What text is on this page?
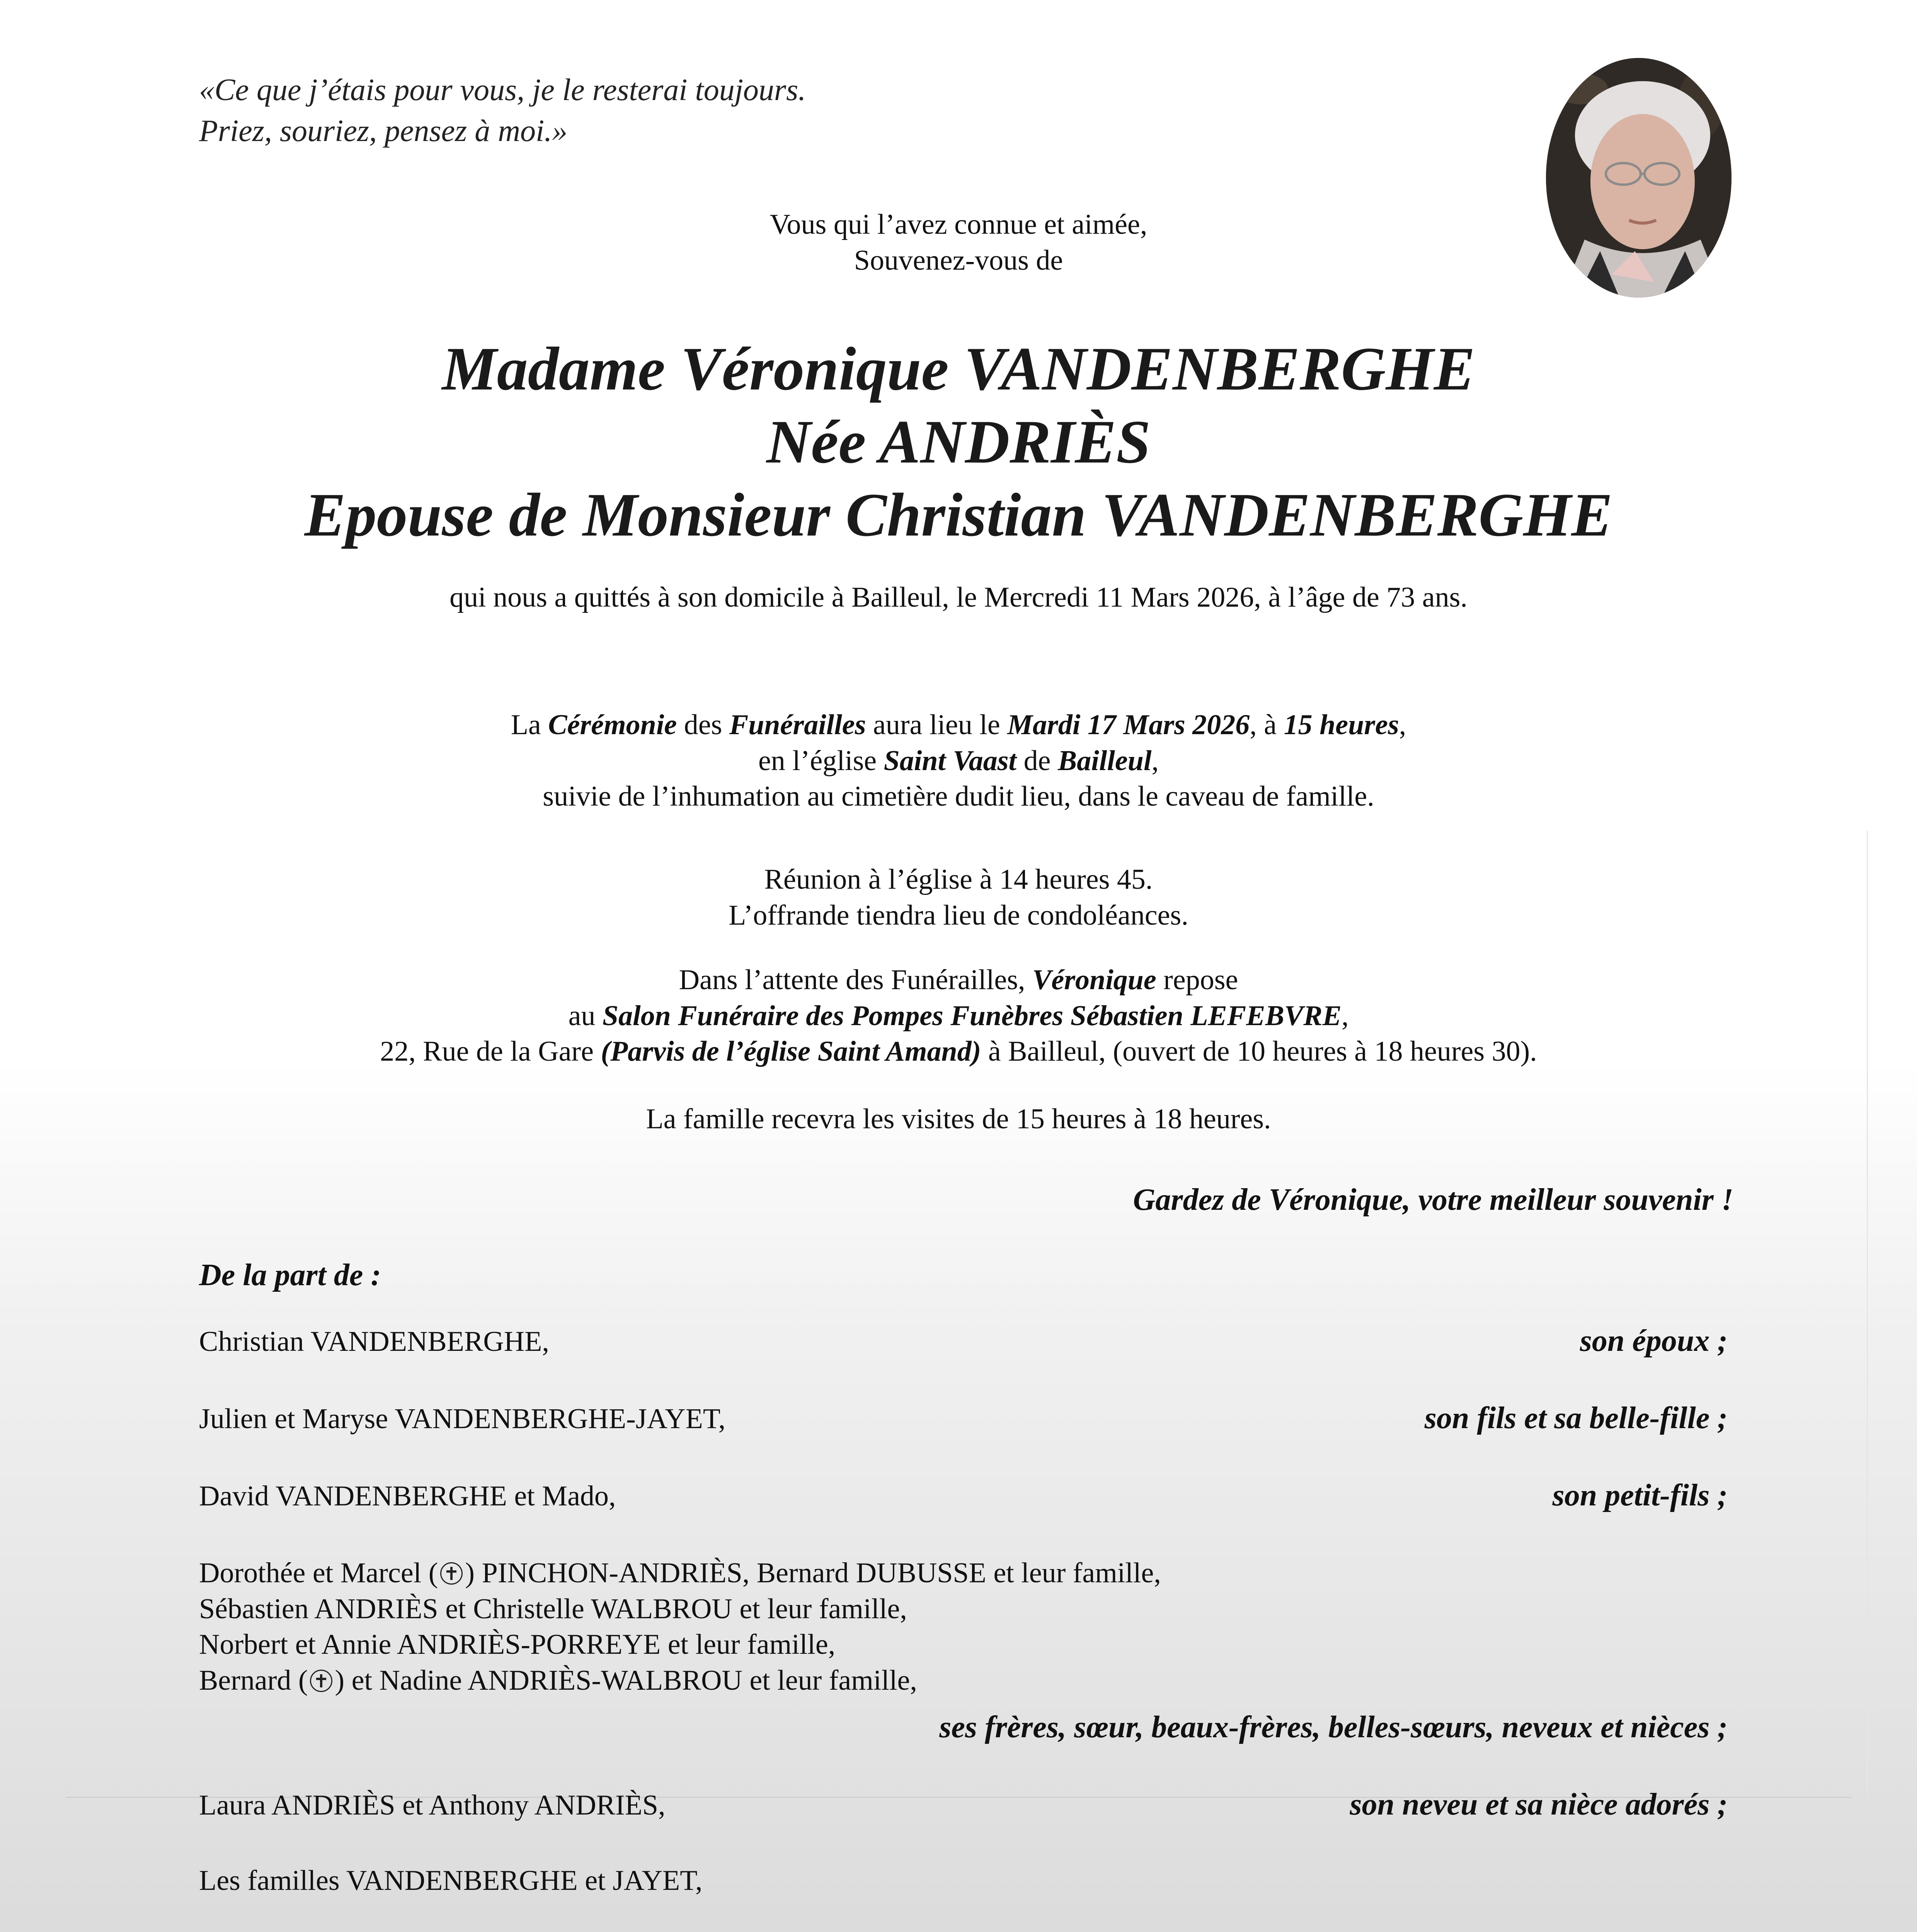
«Ce que j’étais pour vous, je le resterai toujours.
Priez, souriez, pensez à moi.»
Vous qui l’avez connue et aimée,
Souvenez-vous de
Madame Véronique VANDENBERGHE
Née ANDRIÈS
Epouse de Monsieur Christian VANDENBERGHE
qui nous a quittés à son domicile à Bailleul, le Mercredi 11 Mars 2026, à l’âge de 73 ans.
La Cérémonie des Funérailles aura lieu le Mardi 17 Mars 2026, à 15 heures,
en l’église Saint Vaast de Bailleul,
suivie de l’inhumation au cimetière dudit lieu, dans le caveau de famille.
Réunion à l’église à 14 heures 45.
L’offrande tiendra lieu de condoléances.
Dans l’attente des Funérailles, Véronique repose
au Salon Funéraire des Pompes Funèbres Sébastien LEFEBVRE,
22, Rue de la Gare (Parvis de l’église Saint Amand) à Bailleul, (ouvert de 10 heures à 18 heures 30).
La famille recevra les visites de 15 heures à 18 heures.
Gardez de Véronique, votre meilleur souvenir !
De la part de :
Christian VANDENBERGHE,	son époux ;
Julien et Maryse VANDENBERGHE-JAYET,	son fils et sa belle-fille ;
David VANDENBERGHE et Mado,	son petit-fils ;
Dorothée et Marcel ( ) PINCHON-ANDRIÈS, Bernard DUBUSSE et leur famille,
Sébastien ANDRIÈS et Christelle WALBROU et leur famille,
Norbert et Annie ANDRIÈS-PORREYE et leur famille,
Bernard ( ) et Nadine ANDRIÈS-WALBROU et leur famille,
ses frères, sœur, beaux-frères, belles-sœurs, neveux et nièces ;
Laura ANDRIÈS et Anthony ANDRIÈS,	son neveu et sa nièce adorés ;
Les familles VANDENBERGHE et JAYET,
